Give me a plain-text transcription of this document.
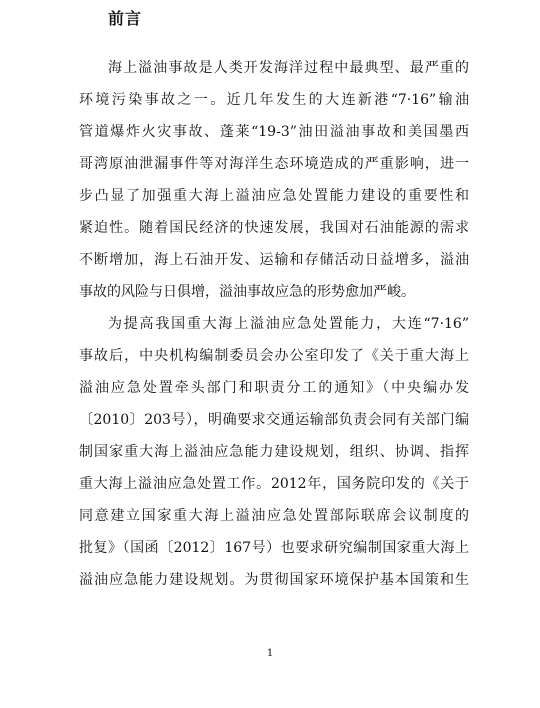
前言
海上溢油事故是人类开发海洋过程中最典型、最严重的
环境污染事故之一。近几年发生的大连新港“7·16”输油
管道爆炸火灾事故、蓬莱“19-3”油田溢油事故和美国墨西
哥湾原油泄漏事件等对海洋生态环境造成的严重影响，进一
步凸显了加强重大海上溢油应急处置能力建设的重要性和
紧迫性。随着国民经济的快速发展，我国对石油能源的需求
不断增加，海上石油开发、运输和存储活动日益增多，溢油
事故的风险与日俱增，溢油事故应急的形势愈加严峻。
为提高我国重大海上溢油应急处置能力，大连“7·16”
事故后，中央机构编制委员会办公室印发了《关于重大海上
溢油应急处置牵头部门和职责分工的通知》（中央编办发
〔2010〕203号），明确要求交通运输部负责会同有关部门编
制国家重大海上溢油应急能力建设规划，组织、协调、指挥
重大海上溢油应急处置工作。2012年，国务院印发的《关于
同意建立国家重大海上溢油应急处置部际联席会议制度的
批复》（国函〔2012〕167号）也要求研究编制国家重大海上
溢油应急能力建设规划。为贯彻国家环境保护基本国策和生
1
